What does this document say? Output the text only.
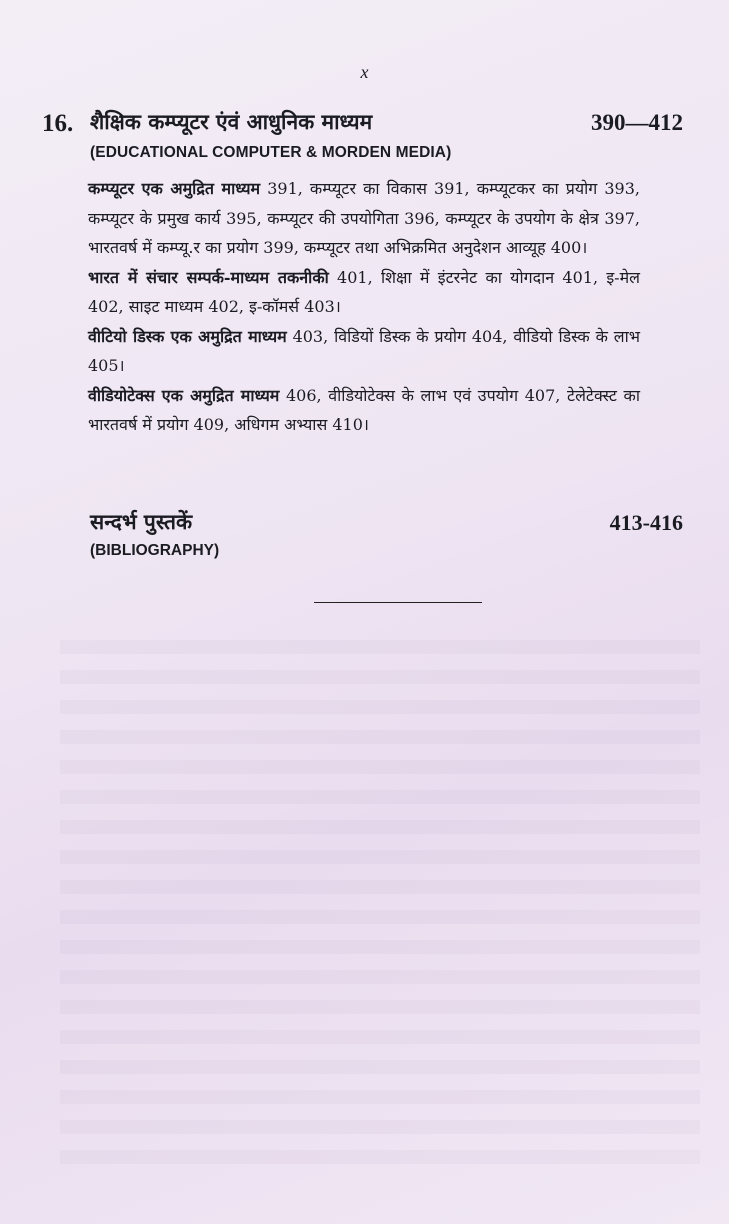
x
16. शैक्षिक कम्प्यूटर एंवं आधुनिक माध्यम	390—412
(EDUCATIONAL COMPUTER & MORDEN MEDIA)

कम्प्यूटर एक अमुद्रित माध्यम 391, कम्प्यूटर का विकास 391, कम्प्यूटकर का प्रयोग 393, कम्प्यूटर के प्रमुख कार्य 395, कम्प्यूटर की उपयोगिता 396, कम्प्यूटर के उपयोग के क्षेत्र 397, भारतवर्ष में कम्प्यू.र का प्रयोग 399, कम्प्यूटर तथा अभिक्रमित अनुदेशन आव्यूह 400।

भारत में संचार सम्पर्क-माध्यम तकनीकी 401, शिक्षा में इंटरनेट का योगदान 401, इ-मेल 402, साइट माध्यम 402, इ-कॉमर्स 403।

वीटियो डिस्क एक अमुद्रित माध्यम 403, विडियों डिस्क के प्रयोग 404, वीडियो डिस्क के लाभ 405।

वीडियोटेक्स एक अमुद्रित माध्यम 406, वीडियोटेक्स के लाभ एवं उपयोग 407, टेलेटेक्स्ट का भारतवर्ष में प्रयोग 409, अधिगम अभ्यास 410।

सन्दर्भ पुस्तकें	413-416
(BIBLIOGRAPHY)
